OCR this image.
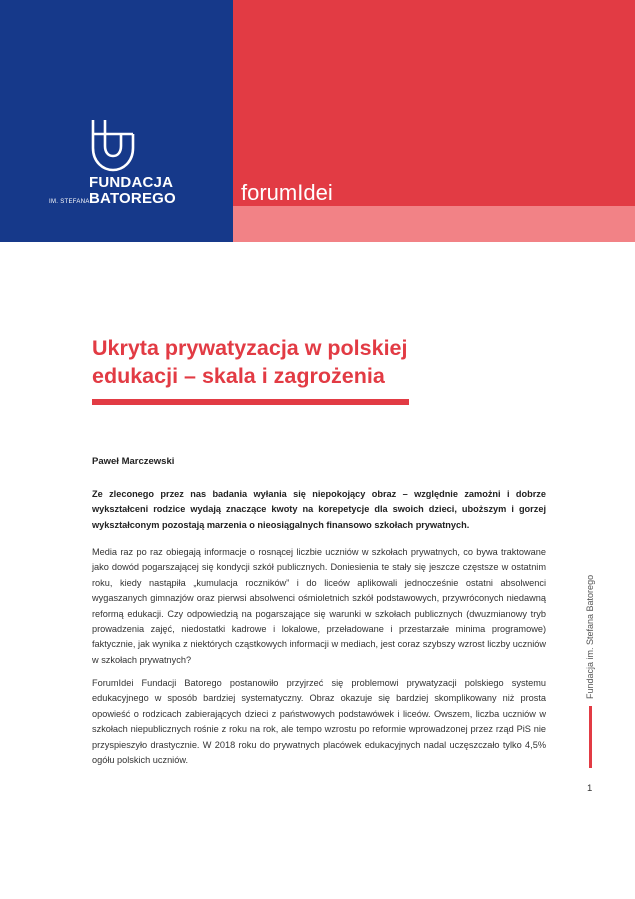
FUNDACJA
BATOREGO
IM. STEFANA	forumIdei
Ukryta prywatyzacja w polskiej
edukacji – skala i zagrożenia
Paweł Marczewski

Ze zleconego przez nas badania wyłania się niepokojący obraz – względnie zamożni i dobrze wykształceni rodzice wydają znaczące kwoty na korepetycje dla swoich dzieci, uboższym i gorzej wykształconym pozostają marzenia o nieosiągalnych finansowo szkołach prywatnych.

Media raz po raz obiegają informacje o rosnącej liczbie uczniów w szkołach prywatnych, co bywa traktowane jako dowód pogarszającej się kondycji szkół publicznych. Doniesienia te stały się jeszcze częstsze w ostatnim roku, kiedy nastąpiła „kumulacja roczników” i do liceów aplikowali jednocześnie ostatni absolwenci wygaszanych gimnazjów oraz pierwsi absolwenci ośmioletnich szkół podstawowych, przywróconych niedawną reformą edukacji. Czy odpowiedzią na pogarszające się warunki w szkołach publicznych (dwuzmianowy tryb prowadzenia zajęć, niedostatki kadrowe i lokalowe, przeładowane i przestarzałe minima programowe) faktycznie, jak wynika z niektórych cząstkowych informacji w mediach, jest coraz szybszy wzrost liczby uczniów w szkołach prywatnych?

ForumIdei Fundacji Batorego postanowiło przyjrzeć się problemowi prywatyzacji polskiego systemu edukacyjnego w sposób bardziej systematyczny. Obraz okazuje się bardziej skomplikowany niż prosta opowieść o rodzicach zabierających dzieci z państwowych podstawówek i liceów. Owszem, liczba uczniów w szkołach niepublicznych rośnie z roku na rok, ale tempo wzrostu po reformie wprowadzonej przez rząd PiS nie przyspieszyło drastycznie. W 2018 roku do prywatnych placówek edukacyjnych nadal uczęszczało tylko 4,5% ogółu polskich uczniów.

Fundacja im. Stefana Batorego
1
